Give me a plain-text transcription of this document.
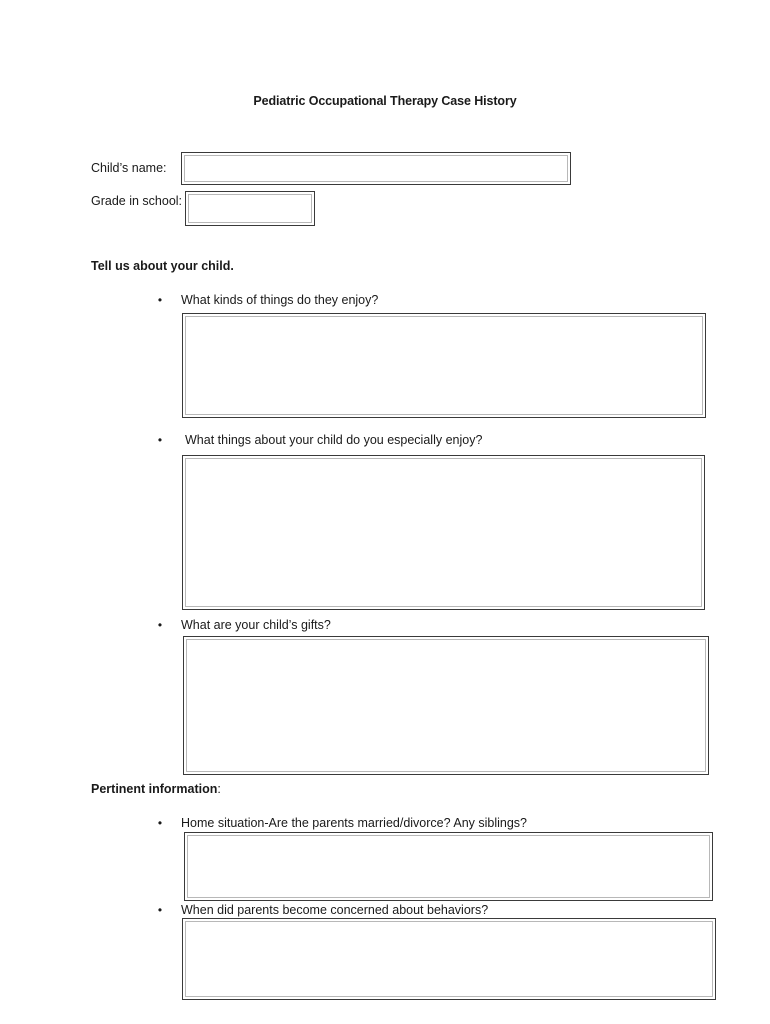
Pediatric Occupational Therapy Case History
Child’s name:
Grade in school:
Tell us about your child.
• What kinds of things do they enjoy?
• What things about your child do you especially enjoy?
• What are your child’s gifts?
Pertinent information:
• Home situation-Are the parents married/divorce? Any siblings?
• When did parents become concerned about behaviors?
